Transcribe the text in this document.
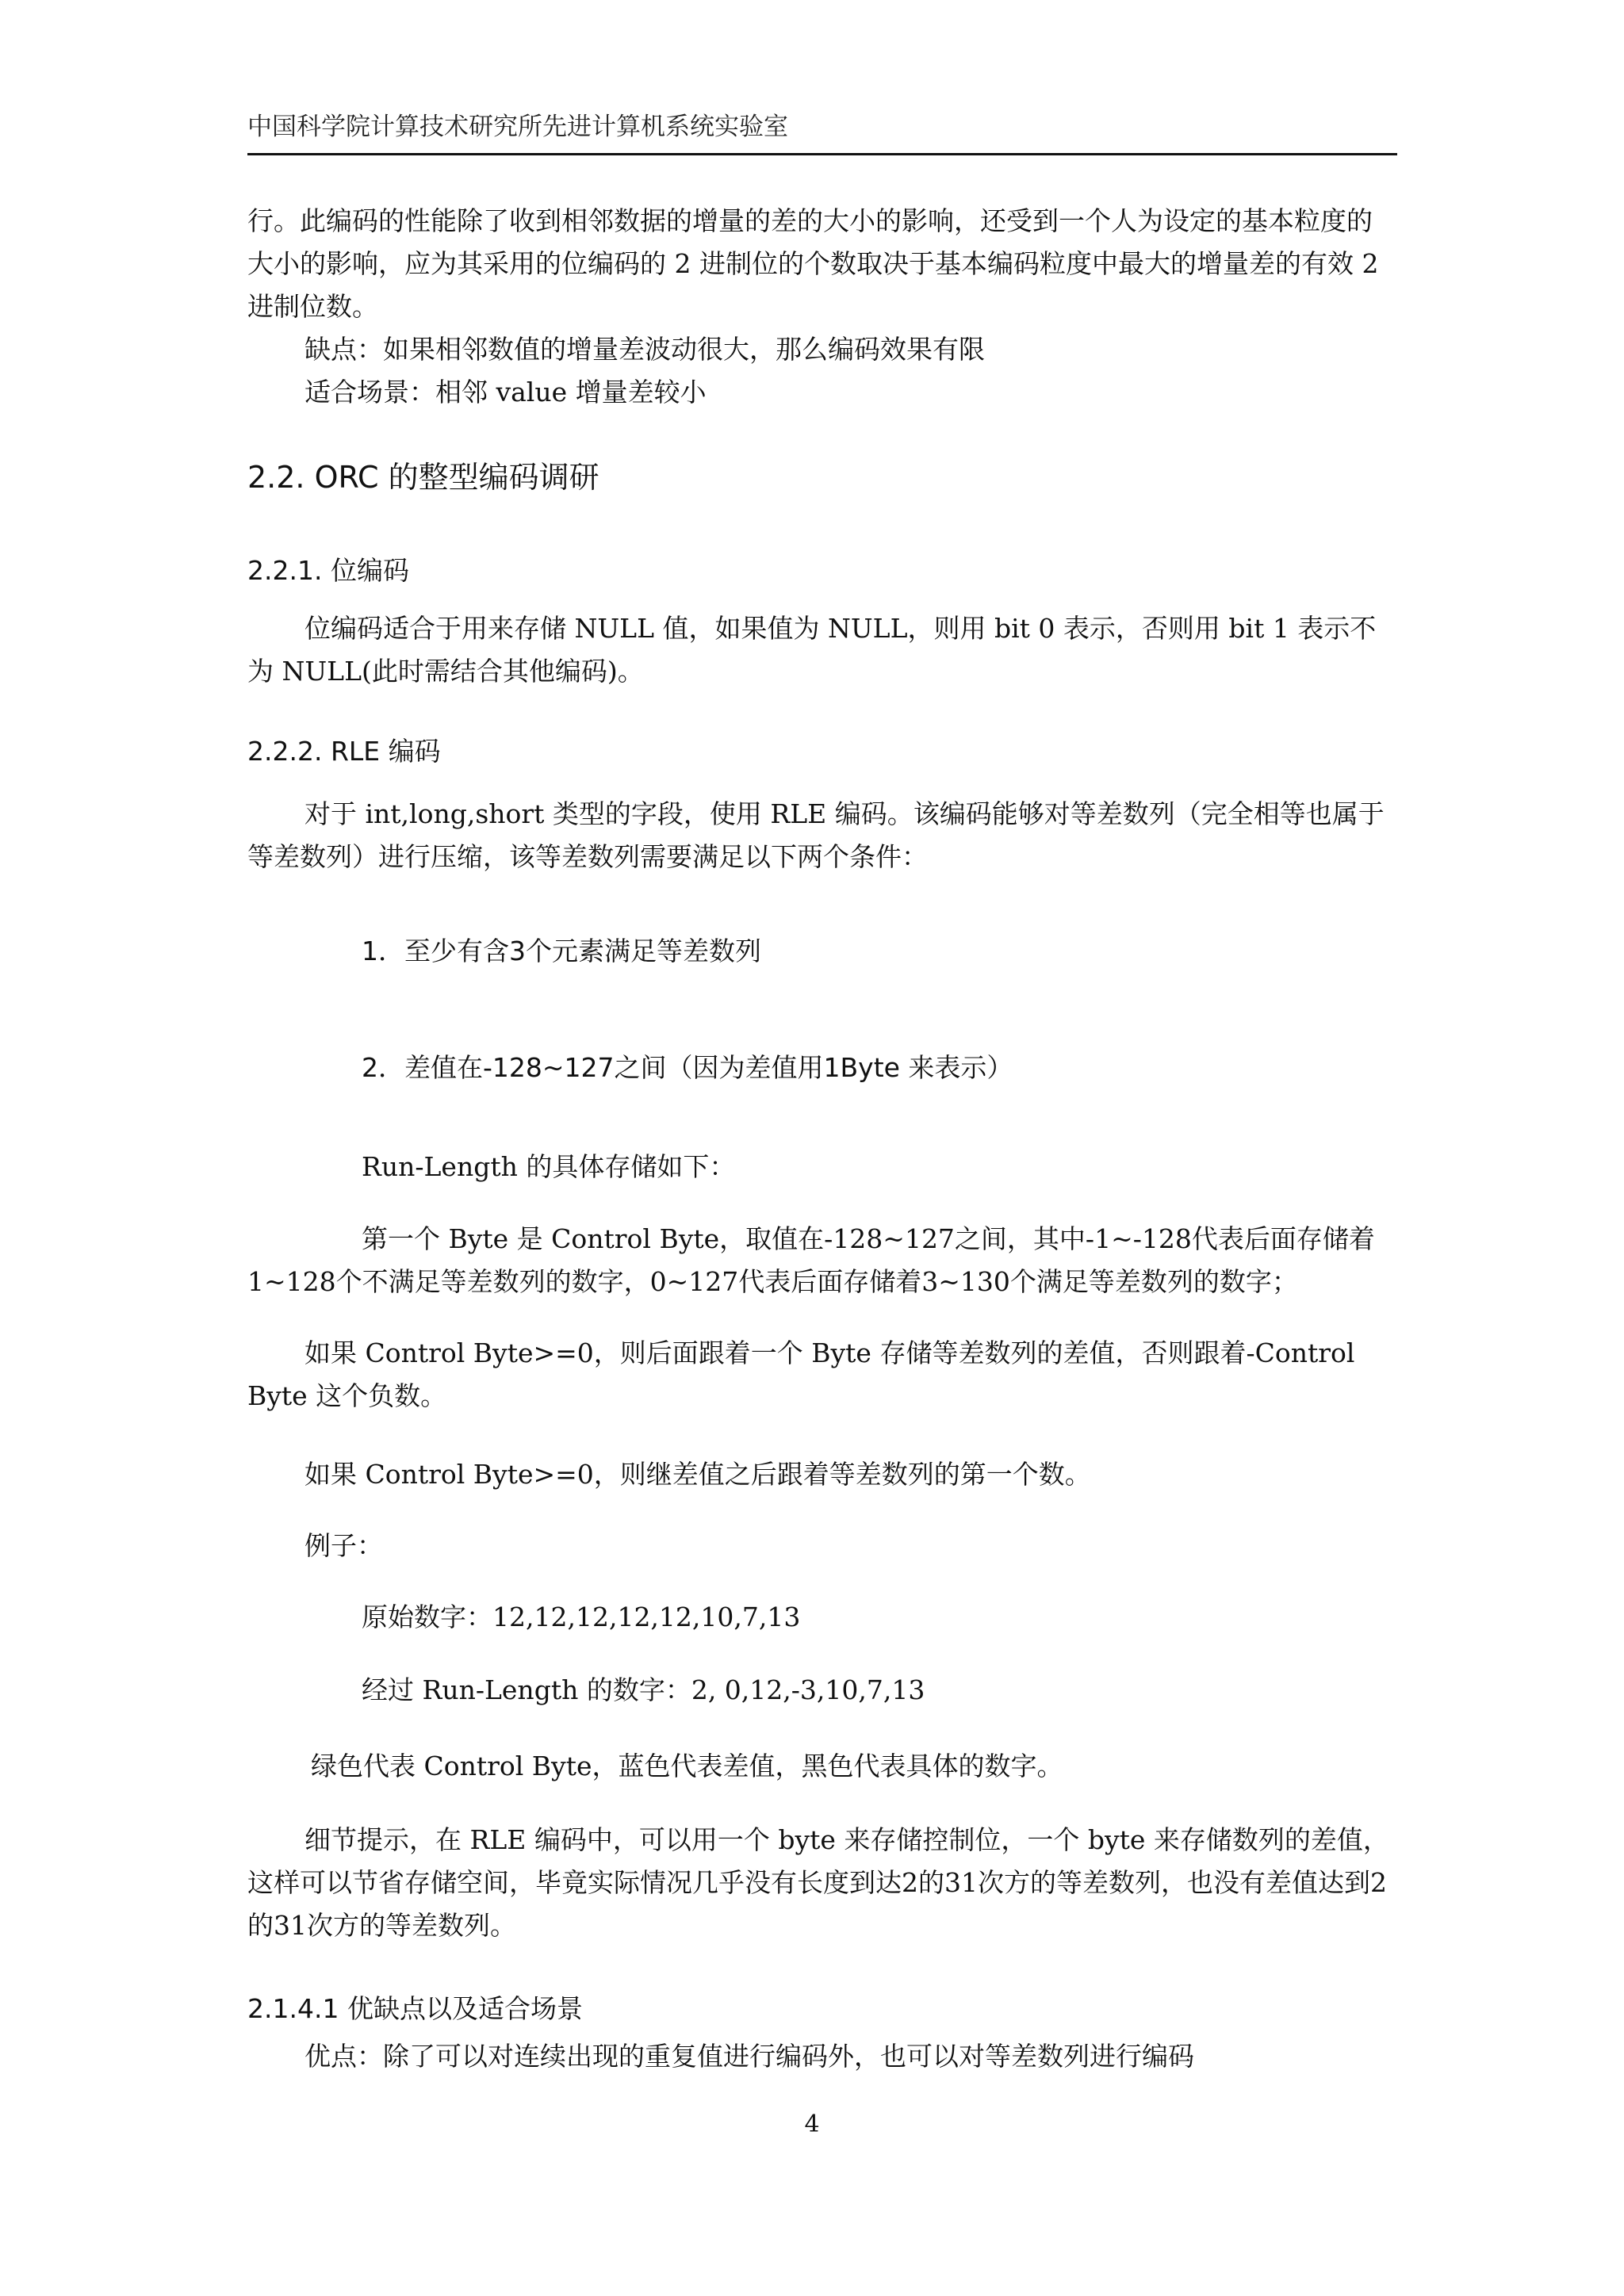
中国科学院计算技术研究所先进计算机系统实验室

行。此编码的性能除了收到相邻数据的增量的差的大小的影响，还受到一个人为设定的基本粒度的大小的影响，应为其采用的位编码的 2 进制位的个数取决于基本编码粒度中最大的增量差的有效 2 进制位数。

缺点：如果相邻数值的增量差波动很大，那么编码效果有限

适合场景：相邻 value 增量差较小

2.2. ORC 的整型编码调研
2.2.1. 位编码

位编码适合于用来存储 NULL 值，如果值为 NULL，则用 bit 0 表示，否则用 bit 1 表示不为 NULL(此时需结合其他编码)。

2.2.2. RLE 编码

对于 int,long,short 类型的字段，使用 RLE 编码。该编码能够对等差数列（完全相等也属于等差数列）进行压缩，该等差数列需要满足以下两个条件：

1．至少有含3个元素满足等差数列
2．差值在-128~127之间（因为差值用1Byte 来表示）
Run-Length 的具体存储如下：

第一个 Byte 是 Control Byte，取值在-128~127之间，其中-1~-128代表后面存储着1~128个不满足等差数列的数字，0~127代表后面存储着3~130个满足等差数列的数字；

如果 Control Byte>=0，则后面跟着一个 Byte 存储等差数列的差值，否则跟着-Control Byte 这个负数。

如果 Control Byte>=0，则继差值之后跟着等差数列的第一个数。
例子：
原始数字：12,12,12,12,12,10,7,13
经过 Run-Length 的数字：2, 0,12,-3,10,7,13
绿色代表 Control Byte，蓝色代表差值，黑色代表具体的数字。

细节提示，在 RLE 编码中，可以用一个 byte 来存储控制位，一个 byte 来存储数列的差值，这样可以节省存储空间，毕竟实际情况几乎没有长度到达2的31次方的等差数列，也没有差值达到2的31次方的等差数列。

2.1.4.1 优缺点以及适合场景
优点：除了可以对连续出现的重复值进行编码外，也可以对等差数列进行编码
4
